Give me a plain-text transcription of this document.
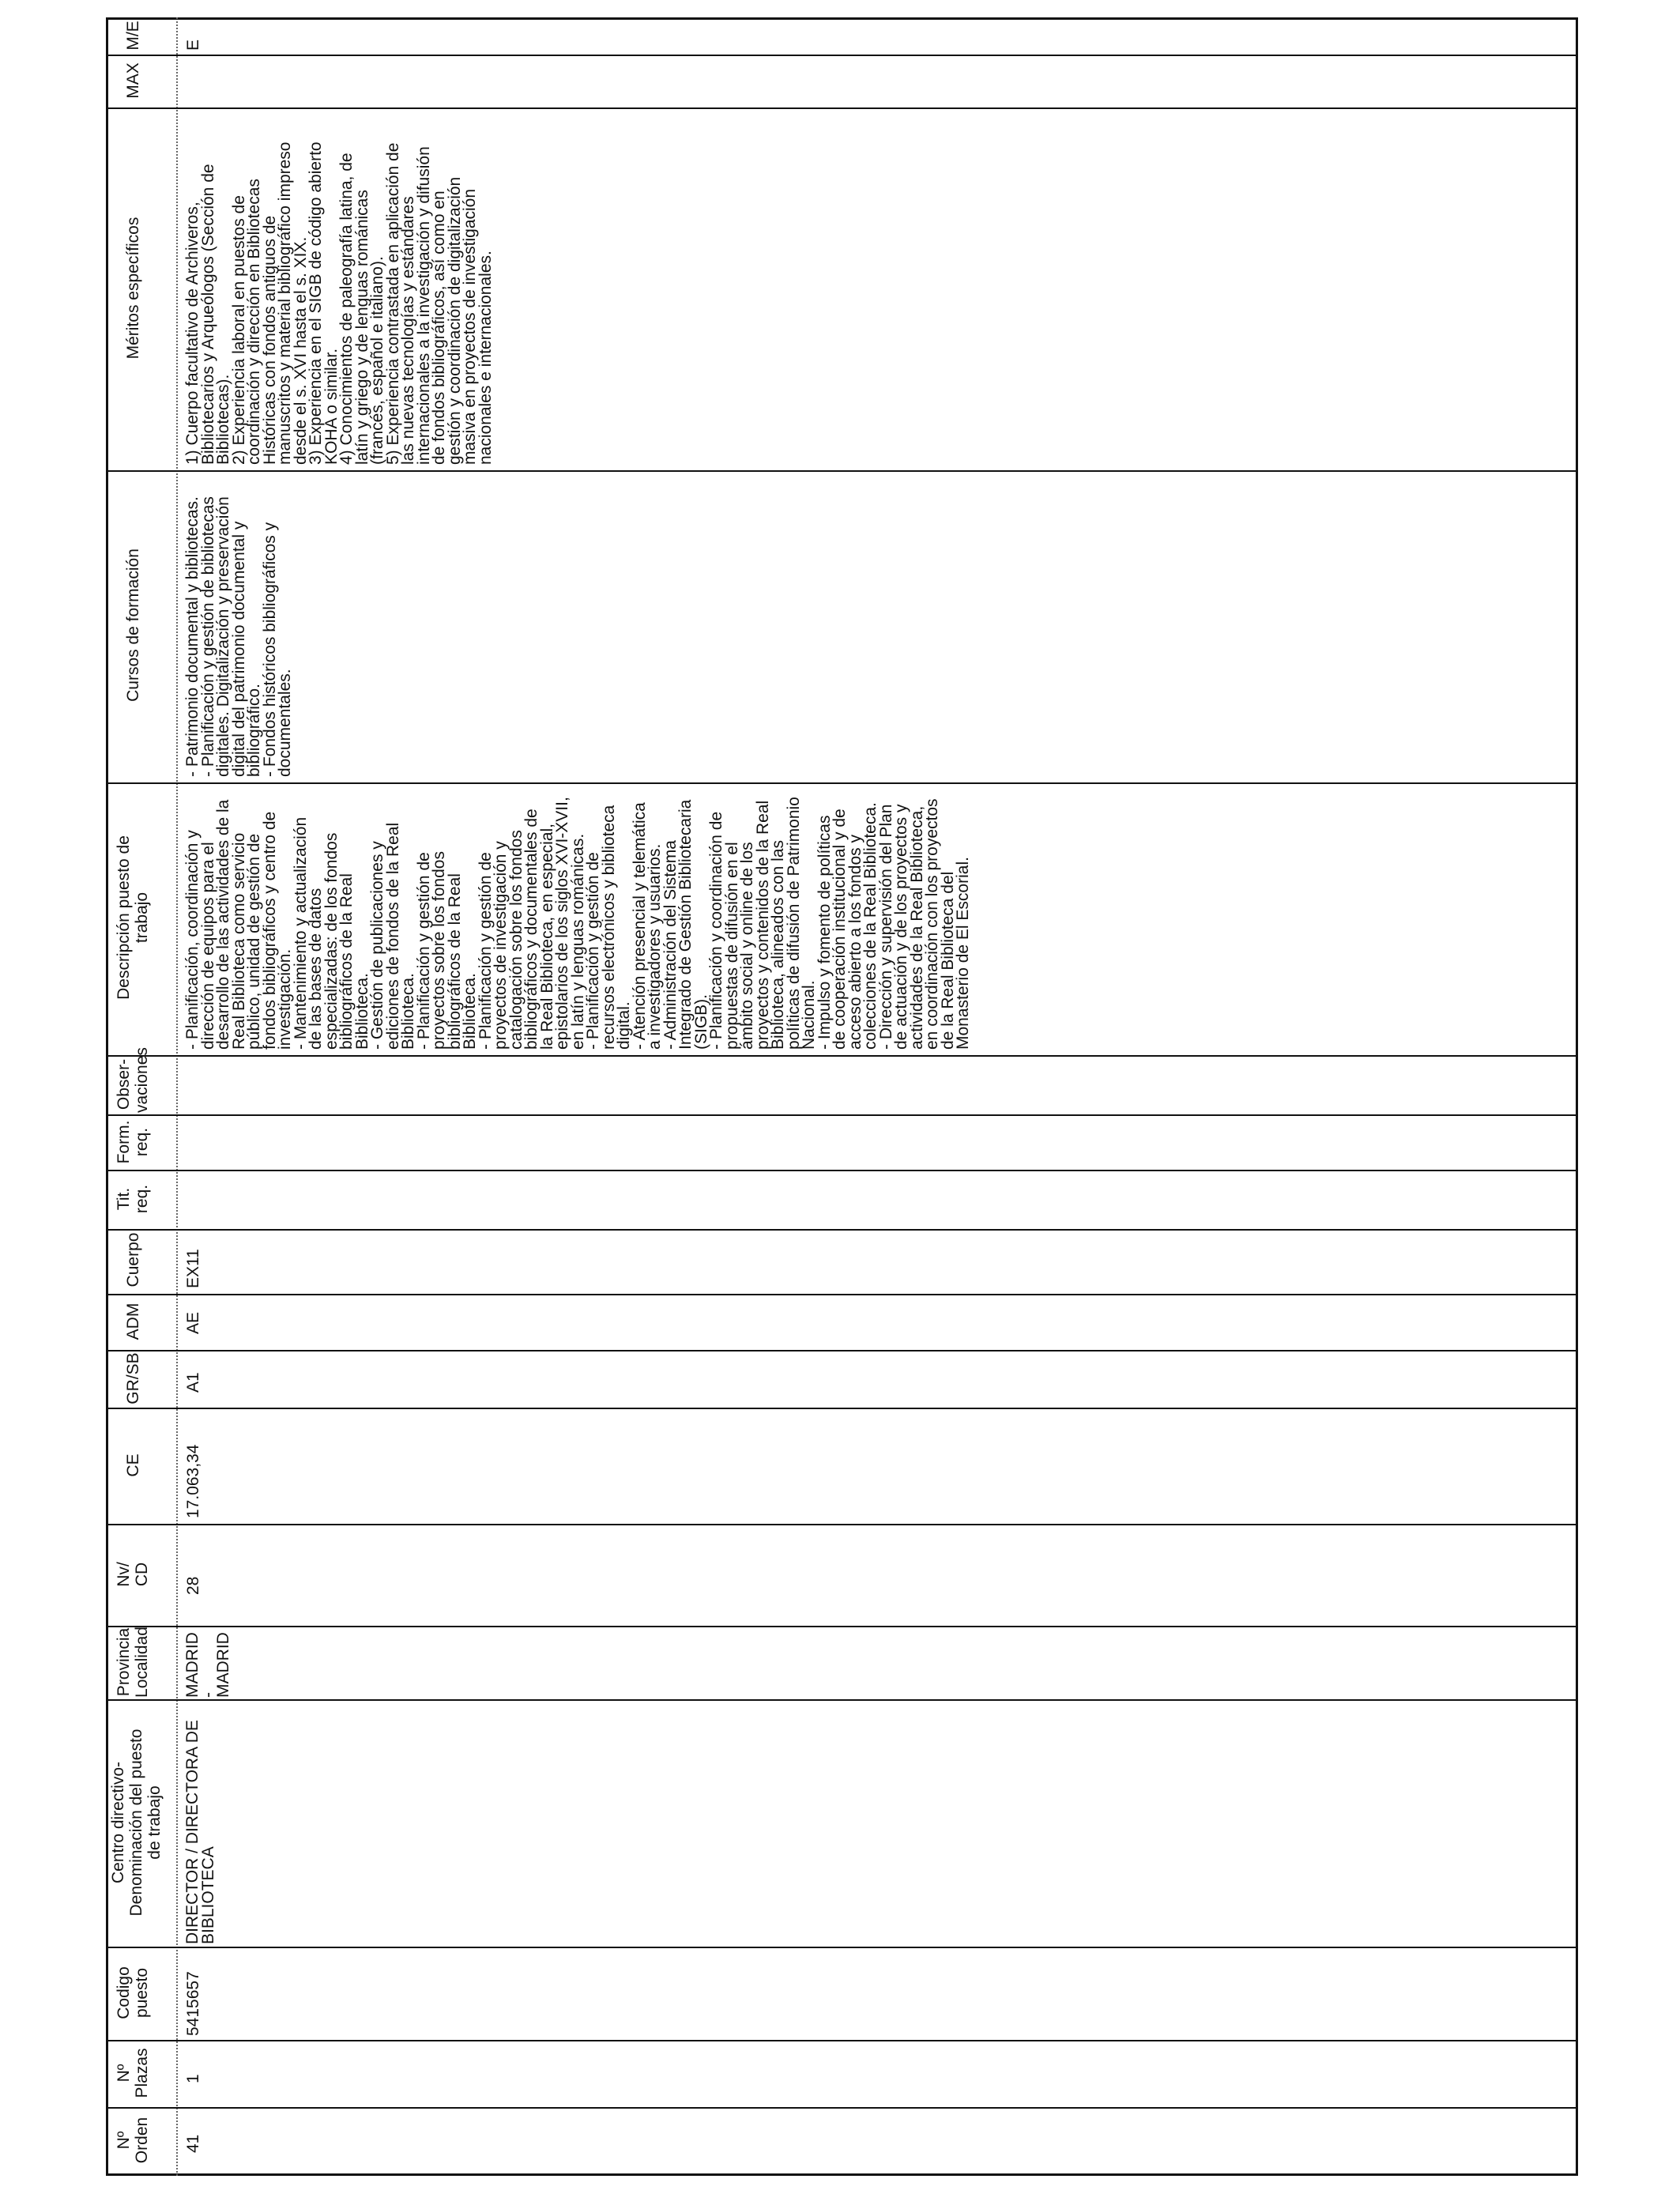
M/E
MAX
Méritos específicos
Cursos de formación
Descripción puesto de
trabajo
Obser-
vaciones
Form.
req.
Tit.
req.
Cuerpo
ADM
GR/SB
CE
Nv/
CD
Provincia
Localidad
Centro directivo-
Denominación del puesto
de trabajo
Codigo
puesto
Nº
Plazas
Nº
Orden
E
1) Cuerpo facultativo de Archiveros,
Bibliotecarios y Arqueólogos (Sección de
Bibliotecas).
2) Experiencia laboral en puestos de
coordinación y dirección en Bibliotecas
Históricas con fondos antiguos de
manuscritos y material bibliográfico impreso
desde el s. XVI hasta el s. XIX.
3) Experiencia en el SIGB de código abierto
KOHA o similar.
4) Conocimientos de paleografía latina, de
latín y griego y de lenguas románicas
(francés, español e italiano).
5) Experiencia contrastada en aplicación de
las nuevas tecnologías y estándares
internacionales a la investigación y difusión
de fondos bibliográficos, así como en
gestión y coordinación de digitalización
masiva en proyectos de investigación
nacionales e internacionales.
- Patrimonio documental y bibliotecas.
- Planificación y gestión de bibliotecas
digitales. Digitalización y preservación
digital del patrimonio documental y
bibliográfico.
- Fondos históricos bibliográficos y
documentales.
- Planificación, coordinación y
dirección de equipos para el
desarrollo de las actividades de la
Real Biblioteca como servicio
público, unidad de gestión de
fondos bibliográficos y centro de
investigación.
- Mantenimiento y actualización
de las bases de datos
especializadas: de los fondos
bibliográficos de la Real
Biblioteca.
- Gestión de publicaciones y
ediciones de fondos de la Real
Biblioteca.
- Planificación y gestión de
proyectos sobre los fondos
bibliográficos de la Real
Biblioteca.
- Planificación y gestión de
proyectos de investigación y
catalogación sobre los fondos
bibliográficos y documentales de
la Real Biblioteca, en especial,
epistolarios de los siglos XVI-XVII,
en latín y lenguas románicas.
- Planificación y gestión de
recursos electrónicos y biblioteca
digital.
- Atención presencial y telemática
a investigadores y usuarios.
- Administración del Sistema
Integrado de Gestión Bibliotecaria
(SIGB).
- Planificación y coordinación de
propuestas de difusión en el
ámbito social y online de los
proyectos y contenidos de la Real
Biblioteca, alineados con las
políticas de difusión de Patrimonio
Nacional.
- Impulso y fomento de políticas
de cooperación institucional y de
acceso abierto a los fondos y
colecciones de la Real Biblioteca.
- Dirección y supervisión del Plan
de actuación y de los proyectos y
actividades de la Real Biblioteca,
en coordinación con los proyectos
de la Real Biblioteca del
Monasterio de El Escorial.
EX11
AE
A1
17.063,34
28
MADRID -
MADRID
DIRECTOR / DIRECTORA DE
BIBLIOTECA
5415657
1
41
